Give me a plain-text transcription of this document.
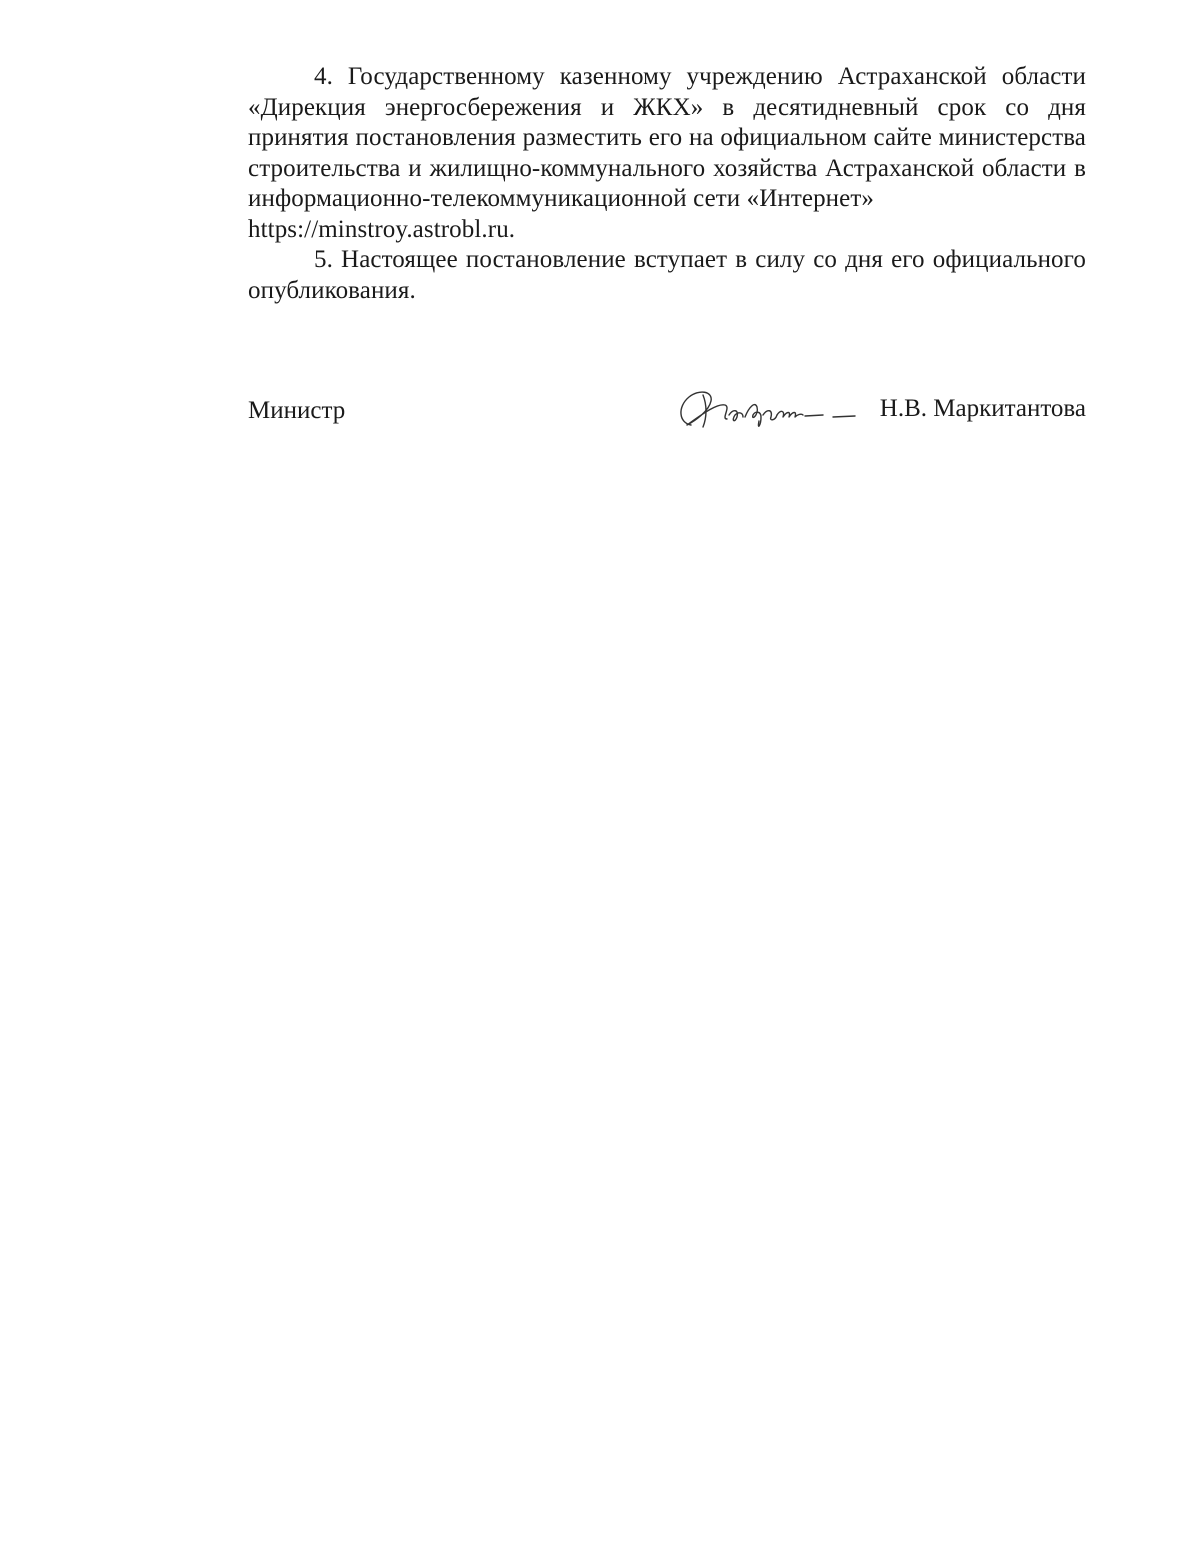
4. Государственному казенному учреждению Астраханской области «Дирекция энергосбережения и ЖКХ» в десятидневный срок со дня принятия постановления разместить его на официальном сайте министерства строительства и жилищно-коммунального хозяйства Астраханской области в информационно-телекоммуникационной сети «Интернет»

https://minstroy.astrobl.ru.

5. Настоящее постановление вступает в силу со дня его официального опубликования.

Министр	Н.В. Маркитантова
